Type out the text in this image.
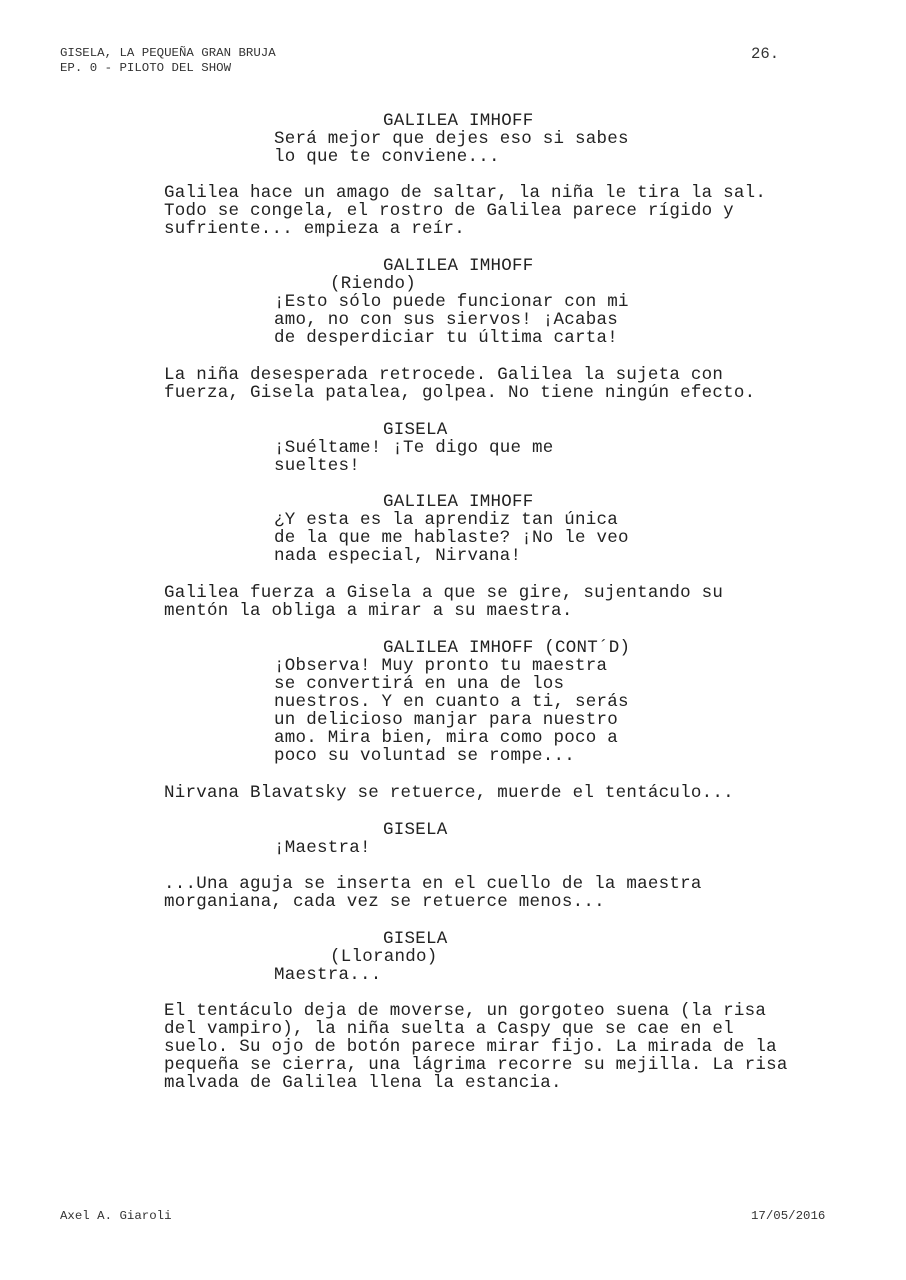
GISELA, LA PEQUEÑA GRAN BRUJA
EP. 0 - PILOTO DEL SHOW
26.
GALILEA IMHOFF
Será mejor que dejes eso si sabes
lo que te conviene...
Galilea hace un amago de saltar, la niña le tira la sal.
Todo se congela, el rostro de Galilea parece rígido y
sufriente... empieza a reír.
GALILEA IMHOFF
(Riendo)
¡Esto sólo puede funcionar con mi
amo, no con sus siervos! ¡Acabas
de desperdiciar tu última carta!
La niña desesperada retrocede. Galilea la sujeta con
fuerza, Gisela patalea, golpea. No tiene ningún efecto.
GISELA
¡Suéltame! ¡Te digo que me
sueltes!
GALILEA IMHOFF
¿Y esta es la aprendiz tan única
de la que me hablaste? ¡No le veo
nada especial, Nirvana!
Galilea fuerza a Gisela a que se gire, sujentando su
mentón la obliga a mirar a su maestra.
GALILEA IMHOFF (CONT´D)
¡Observa! Muy pronto tu maestra
se convertirá en una de los
nuestros. Y en cuanto a ti, serás
un delicioso manjar para nuestro
amo. Mira bien, mira como poco a
poco su voluntad se rompe...
Nirvana Blavatsky se retuerce, muerde el tentáculo...
GISELA
¡Maestra!
...Una aguja se inserta en el cuello de la maestra
morganiana, cada vez se retuerce menos...
GISELA
(Llorando)
Maestra...
El tentáculo deja de moverse, un gorgoteo suena (la risa
del vampiro), la niña suelta a Caspy que se cae en el
suelo. Su ojo de botón parece mirar fijo. La mirada de la
pequeña se cierra, una lágrima recorre su mejilla. La risa
malvada de Galilea llena la estancia.
Axel A. Giaroli	17/05/2016
